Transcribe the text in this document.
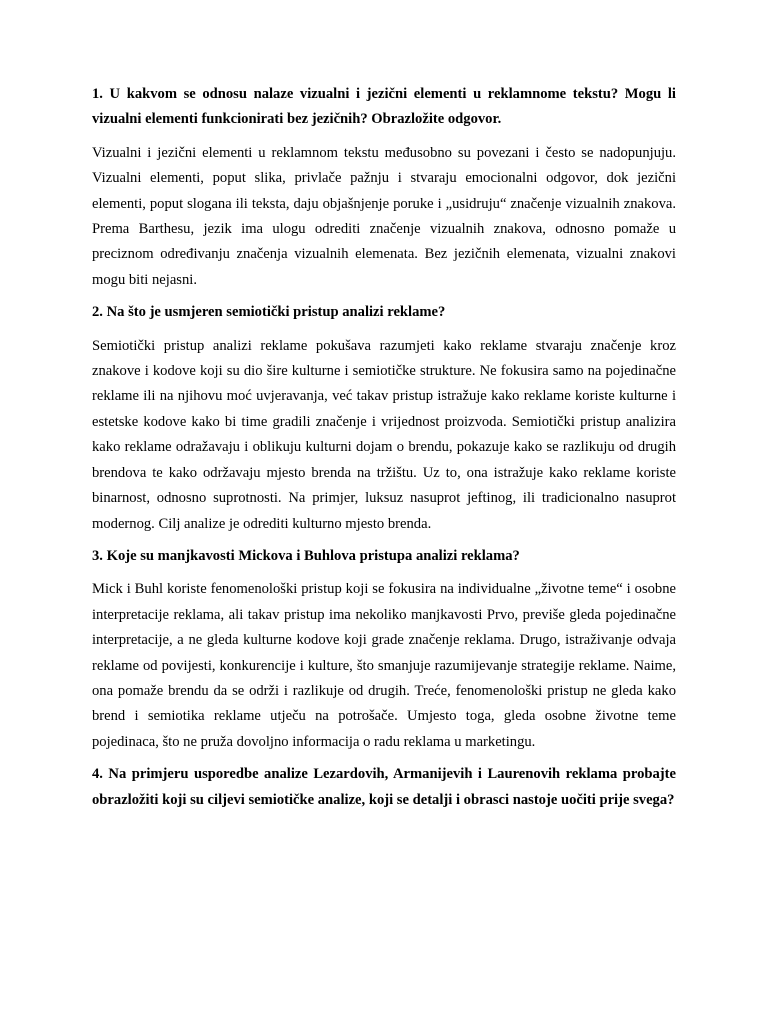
1. U kakvom se odnosu nalaze vizualni i jezični elementi u reklamnome tekstu? Mogu li vizualni elementi funkcionirati bez jezičnih? Obrazložite odgovor.

Vizualni i jezični elementi u reklamnom tekstu međusobno su povezani i često se nadopunjuju. Vizualni elementi, poput slika, privlače pažnju i stvaraju emocionalni odgovor, dok jezični elementi, poput slogana ili teksta, daju objašnjenje poruke i „usidruju“ značenje vizualnih znakova. Prema Barthesu, jezik ima ulogu odrediti značenje vizualnih znakova, odnosno pomaže u preciznom određivanju značenja vizualnih elemenata. Bez jezičnih elemenata, vizualni znakovi mogu biti nejasni.

2. Na što je usmjeren semiotički pristup analizi reklame?

Semiotički pristup analizi reklame pokušava razumjeti kako reklame stvaraju značenje kroz znakove i kodove koji su dio šire kulturne i semiotičke strukture. Ne fokusira samo na pojedinačne reklame ili na njihovu moć uvjeravanja, već takav pristup istražuje kako reklame koriste kulturne i estetske kodove kako bi time gradili značenje i vrijednost proizvoda. Semiotički pristup analizira kako reklame odražavaju i oblikuju kulturni dojam o brendu, pokazuje kako se razlikuju od drugih brendova te kako održavaju mjesto brenda na tržištu. Uz to, ona istražuje kako reklame koriste binarnost, odnosno suprotnosti. Na primjer, luksuz nasuprot jeftinog, ili tradicionalno nasuprot modernog. Cilj analize je odrediti kulturno mjesto brenda.

3. Koje su manjkavosti Mickova i Buhlova pristupa analizi reklama?

Mick i Buhl koriste fenomenološki pristup koji se fokusira na individualne „životne teme“ i osobne interpretacije reklama, ali takav pristup ima nekoliko manjkavosti Prvo, previše gleda pojedinačne interpretacije, a ne gleda kulturne kodove koji grade značenje reklama. Drugo, istraživanje odvaja reklame od povijesti, konkurencije i kulture, što smanjuje razumijevanje strategije reklame. Naime, ona pomaže brendu da se održi i razlikuje od drugih. Treće, fenomenološki pristup ne gleda kako brend i semiotika reklame utječu na potrošače. Umjesto toga, gleda osobne životne teme pojedinaca, što ne pruža dovoljno informacija o radu reklama u marketingu.

4. Na primjeru usporedbe analize Lezardovih, Armanijevih i Laurenovih reklama probajte obrazložiti koji su ciljevi semiotičke analize, koji se detalji i obrasci nastoje uočiti prije svega?
